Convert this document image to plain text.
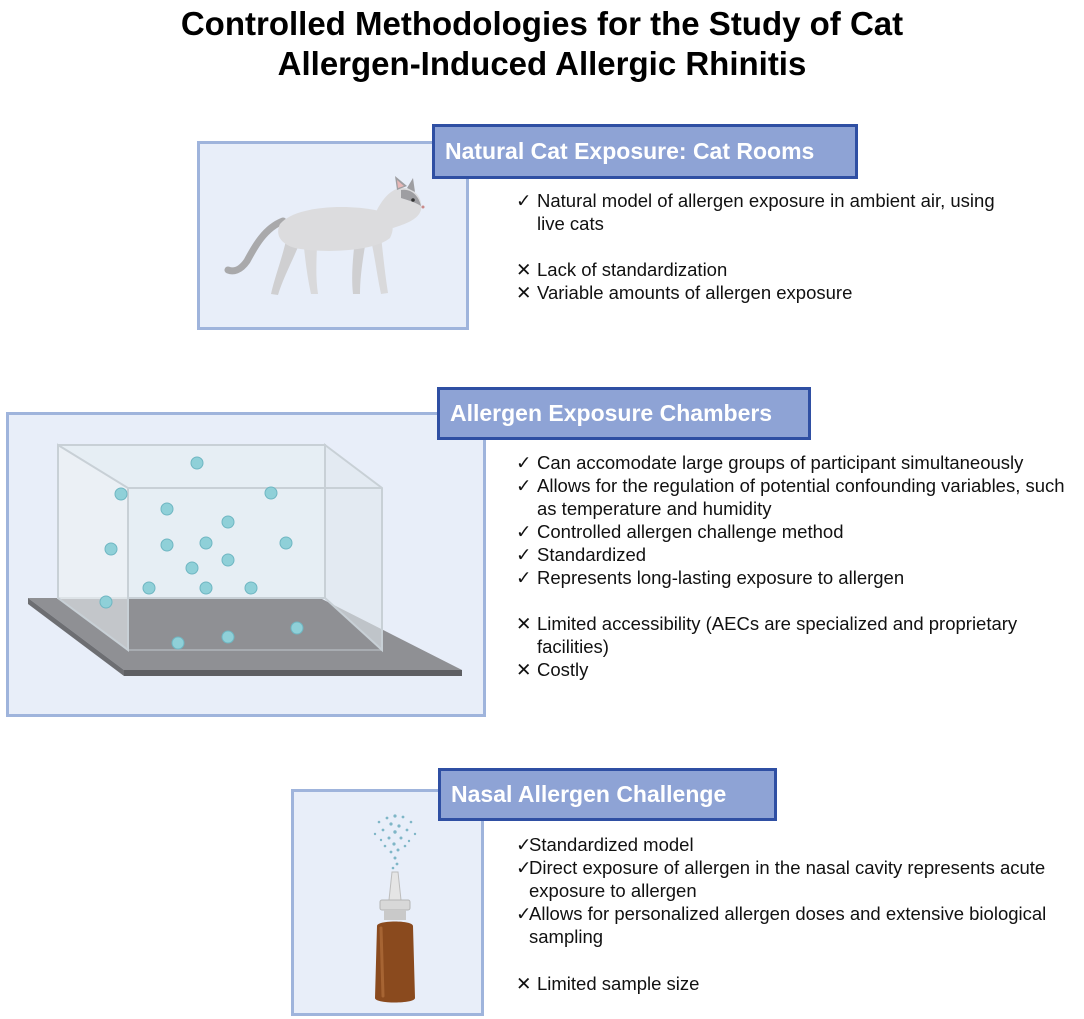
Controlled Methodologies for the Study of Cat
Allergen-Induced Allergic Rhinitis
Natural Cat Exposure: Cat Rooms
✓ Natural model of allergen exposure in ambient air, using live cats
✕ Lack of standardization
✕ Variable amounts of allergen exposure
Allergen Exposure Chambers
✓ Can accomodate large groups of participant simultaneously
✓ Allows for the regulation of potential confounding variables, such as temperature and humidity
✓ Controlled allergen challenge method
✓ Standardized
✓ Represents long-lasting exposure to allergen
✕ Limited accessibility (AECs are specialized and proprietary facilities)
✕ Costly
Nasal Allergen Challenge
✓
Standardized model
✓
Direct exposure of allergen in the nasal cavity represents acute exposure to allergen
✓
Allows for personalized allergen doses and extensive biological sampling
✕ Limited sample size
